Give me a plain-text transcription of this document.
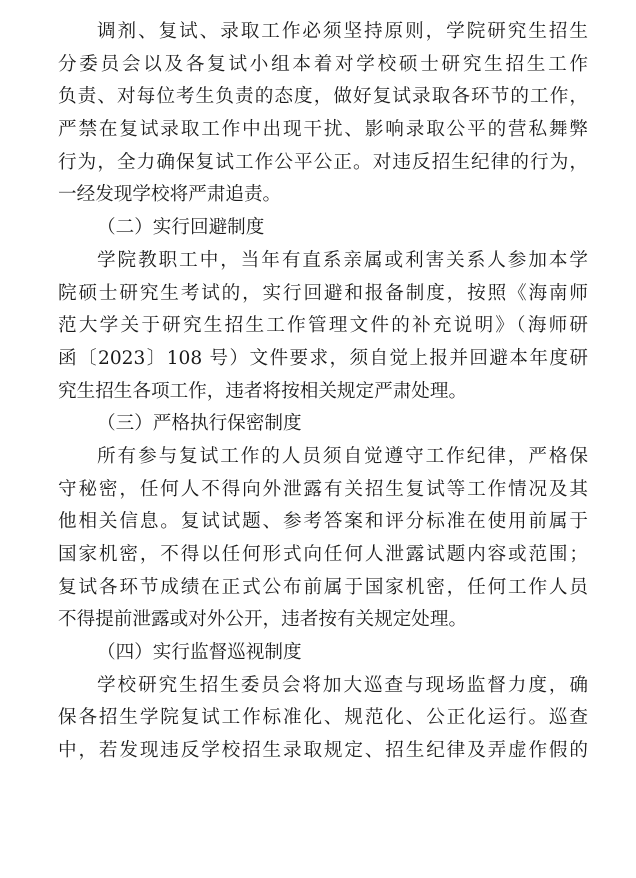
调剂、复试、录取工作必须坚持原则，学院研究生招生
分委员会以及各复试小组本着对学校硕士研究生招生工作
负责、对每位考生负责的态度，做好复试录取各环节的工作，
严禁在复试录取工作中出现干扰、影响录取公平的营私舞弊
行为，全力确保复试工作公平公正。对违反招生纪律的行为，
一经发现学校将严肃追责。
（二）实行回避制度
学院教职工中，当年有直系亲属或利害关系人参加本学
院硕士研究生考试的，实行回避和报备制度，按照《海南师
范大学关于研究生招生工作管理文件的补充说明》（海师研
函〔2023〕108 号）文件要求，须自觉上报并回避本年度研
究生招生各项工作，违者将按相关规定严肃处理。
（三）严格执行保密制度
所有参与复试工作的人员须自觉遵守工作纪律，严格保
守秘密，任何人不得向外泄露有关招生复试等工作情况及其
他相关信息。复试试题、参考答案和评分标准在使用前属于
国家机密，不得以任何形式向任何人泄露试题内容或范围；
复试各环节成绩在正式公布前属于国家机密，任何工作人员
不得提前泄露或对外公开，违者按有关规定处理。
（四）实行监督巡视制度
学校研究生招生委员会将加大巡查与现场监督力度，确
保各招生学院复试工作标准化、规范化、公正化运行。巡查
中，若发现违反学校招生录取规定、招生纪律及弄虚作假的
